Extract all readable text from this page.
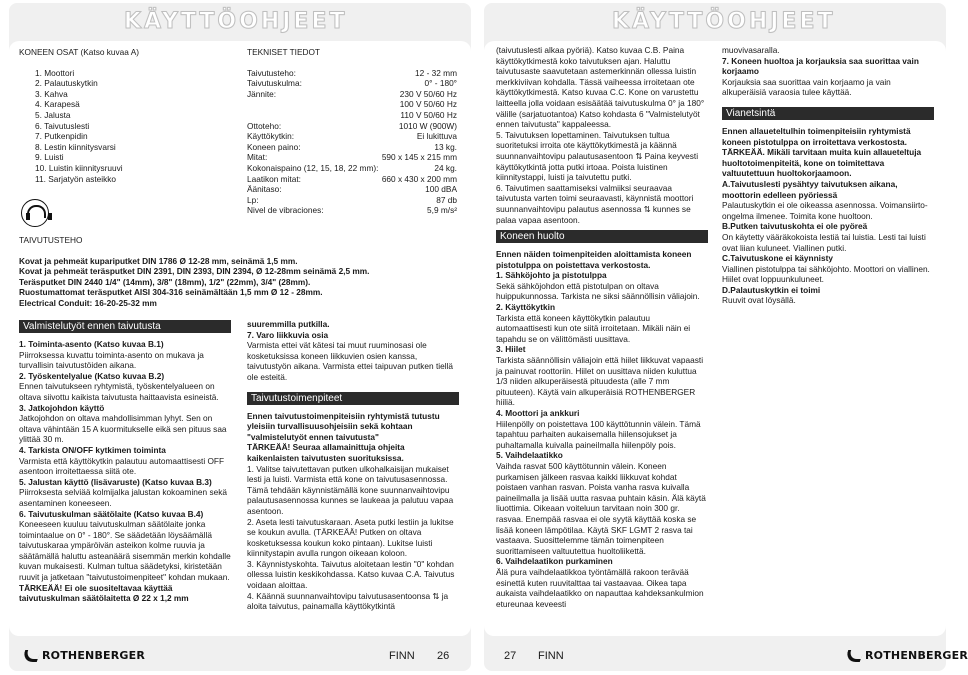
KÄYTTÖOHJEET

KONEEN OSAT (Katso kuvaa A)

1. Moottori
2. Palautuskytkin
3. Kahva
4. Karapesä
5. Jalusta
6. Taivutuslesti
7. Putkenpidin
8. Lestin kiinnitysvarsi
9. Luisti
10. Luistin kiinnitysruuvi
11. Sarjatyön asteikko

TEKNISET TIEDOT

Taivutusteho:	12 - 32 mm
Taivutuskulma:	0° - 180°
Jännite:	230 V 50/60 Hz
100 V 50/60 Hz
110 V 50/60 Hz
Ottoteho:	1010 W (900W)
Käyttökytkin:	Ei lukittuva
Koneen paino:	13 kg.
Mitat:	590 x 145 x 215 mm
Kokonaispaino (12, 15, 18, 22 mm):	24 kg.
Laatikon mitat:	660 x 430 x 200 mm
Äänitaso:	100 dBA
Lp:	87 db
Nivel de vibraciones:	5,9 m/s²

TAIVUTUSTEHO

Kovat ja pehmeät kupariputket DIN 1786 Ø 12-28 mm, seinämä 1,5 mm.

Kovat ja pehmeät teräsputket DIN 2391, DIN 2393, DIN 2394, Ø 12-28mm seinämä 2,5 mm.

Teräsputket DIN 2440 1/4" (14mm), 3/8" (18mm), 1/2" (22mm), 3/4" (28mm).

Ruostumattomat teräsputket AISI 304-316 seinämältään 1,5 mm Ø 12 - 28mm.

Electrical Conduit: 16-20-25-32 mm

Valmistelutyöt ennen taivutusta

1. Toiminta-asento (Katso kuvaa B.1)

Piirroksessa kuvattu toiminta-asento on mukava ja turvallisin taivutustöiden aikana.

2. Työskentelyalue (Katso kuvaa B.2)

Ennen taivutukseen ryhtymistä, työskentelyalueen on oltava siivottu kaikista taivutusta haittaavista esineistä.

3. Jatkojohdon käyttö

Jatkojohdon on oltava mahdollisimman lyhyt. Sen on oltava vähintään 15 A kuormitukselle eikä sen pituus saa ylittää 30 m.

4. Tarkista ON/OFF kytkimen toiminta

Varmista että käyttökytkin palautuu automaattisesti OFF asentoon irroitettaessa siitä ote.

5. Jalustan käyttö (lisävaruste) (Katso kuvaa B.3)

Piirroksesta selviää kolmijalka jalustan kokoaminen sekä asentaminen koneeseen.

6. Taivutuskulman säätölaite (Katso kuvaa B.4)

Koneeseen kuuluu taivutuskulman säätölaite jonka toimintaalue on 0° - 180°. Se säädetään löysäämällä taivutuskaraa ympäröivän asteikon kolme ruuvia ja säätämällä haluttu asteanäärä sisemmän merkin kohdalle kuvan mukaisesti. Kulman tultua säädetyksi, kiristetään ruuvit ja jatketaan "taivutustoimenpiteet" kohdan mukaan.

TÄRKEÄÄ! Ei ole suositeltavaa käyttää taivutuskulman säätölaitetta Ø 22 x 1,2 mm

suuremmilla putkilla.

7. Varo liikkuvia osia

Varmista ettei vät kätesi tai muut ruuminosasi ole kosketuksissa koneen liikkuvien osien kanssa, taivutustyön aikana. Varmista ettei taipuvan putken tiellä ole esteitä.

Taivutustoimenpiteet

Ennen taivutustoimenpiteisiin ryhtymistä tutustu yleisiin turvallisuusohjeisiin sekä kohtaan "valmistelutyöt ennen taivutusta"

TÄRKEÄÄ! Seuraa allamainittuja ohjeita kaikenlaisten taivutusten suorituksissa.

1. Valitse taivutettavan putken ulkohalkaisijan mukaiset lesti ja luisti. Varmista että kone on taivutusasennossa. Tämä tehdään käynnistämällä kone suunnanvaihtovipu palautusasennossa kunnes se laukeaa ja palutuu vapaa asentoon.

2. Aseta lesti taivutuskaraan. Aseta putki lestiin ja lukitse se koukun avulla. (TÄRKEÄÄ! Putken on oltava kosketuksessa koukun koko pintaan). Lukitse luisti kiinnitystapin avulla rungon oikeaan koloon.

3. Käynnistyskohta. Taivutus aloitetaan lestin "0" kohdan ollessa luistin keskikohdassa. Katso kuvaa C.A. Taivutus voidaan aloittaa.

4. Käännä suunnanvaihtovipu taivutusasentoonsa ⇅ ja aloita taivutus, painamalla käyttökytkintä

ROTHENBERGER	FINN 26
KÄYTTÖOHJEET

(taivutuslesti alkaa pyöriä). Katso kuvaa C.B. Paina käyttökytkimestä koko taivutuksen ajan. Haluttu taivutusaste saavutetaan astemerkinnän ollessa luistin merkkiviivan kohdalla. Tässä vaiheessa irroitetaan ote käyttökytkimestä. Katso kuvaa C.C. Kone on varustettu laitteella jolla voidaan esisäätää taivutuskulma 0° ja 180° välille (sarjatuotantoa) Katso kohdasta 6 "Valmistelutyöt ennen taivutusta" kappaleessa.

5. Taivutuksen lopettaminen. Taivutuksen tultua suoritetuksi irroita ote käyttökytkimestä ja käännä suunnanvaihtovipu palautusasentoon ⇅ Paina keyvesti käyttökytkintä jotta putki irtoaa. Poista luistinen kiinnitystappi, luisti ja taivutettu putki.

6. Taivutimen saattamiseksi valmiiksi seuraavaa taivutusta varten toimi seuraavasti, käynnistä moottori suunnanvaihtovipu palautus asennossa ⇅ kunnes se palaa vapaa asentoon.

Koneen huolto

Ennen näiden toimenpiteiden aloittamista koneen pistotulppa on poistettava verkostosta.

1. Sähköjohto ja pistotulppa

Sekä sähköjohdon että pistotulpan on oltava huippukunnossa. Tarkista ne siksi säännöllisin väliajoin.

2. Käyttökytkin

Tarkista että koneen käyttökytkin palautuu automaattisesti kun ote siitä irroitetaan. Mikäli näin ei tapahdu se on välittömästi uusittava.

3. Hiilet

Tarkista säännöllisin väliajoin että hiilet liikkuvat vapaasti ja painuvat roottoriin. Hiilet on uusittava niiden kuluttua 1/3 niiden alkuperäisestä pituudesta (alle 7 mm pituuteen). Käytä vain alkuperäisiä ROTHENBERGER hiiliä.

4. Moottori ja ankkuri

Hiilenpölly on poistettava 100 käyttötunnin välein. Tämä tapahtuu parhaiten aukaisemalla hiilensojukset ja puhaltamalla kuivalla paineilmalla hiilenpöly pois.

5. Vaihdelaatikko

Vaihda rasvat 500 käyttötunnin välein. Koneen purkamisen jälkeen rasvaa kaikki liikkuvat kohdat poistaen vanhan rasvan. Poista vanha rasva kuivalla paineilmalla ja lisää uutta rasvaa puhtain käsin. Älä käytä liuottimia. Oikeaan voiteluun tarvitaan noin 300 gr. rasvaa. Enempää rasvaa ei ole syytä käyttää koska se lisää koneen lämpötilaa. Käytä SKF LGMT 2 rasva tai vastaava. Suosittelemme tämän toimenpiteen suorittamiseen valtuutettua huoltoliikettä.

6. Vaihdelaatikon purkaminen

Älä pura vaihdelaatikkoa työntämällä rakoon terävää esinettä kuten ruuvitalttaa tai vastaavaa. Oikea tapa aukaista vaihdelaatikko on napauttaa kahdeksankulmion etureunaa keveesti

muovivasaralla.

7. Koneen huoltoa ja korjauksia saa suorittaa vain korjaamo

Korjauksia saa suorittaa vain korjaamo ja vain alkuperäisiä varaosia tulee käyttää.

Vianetsintä

Ennen allaueteltulhin toimenpiteisiin ryhtymistä koneen pistotulppa on irroitettava verkostosta. TÄRKEÄÄ. Mikäli tarvitaan muita kuin allaueteltuja huoltotoimenpiteitä, kone on toimitettava valtuutettuun huoltokorjaamoon.

A.Taivutuslesti pysähtyy taivutuksen aikana, moottorin edelleen pyöriessä

Palautuskytkin ei ole oikeassa asennossa. Voimansiirto-ongelma ilmenee. Toimita kone huoltoon.

B.Putken taivutuskohta ei ole pyöreä

On käytetty vääräkokoista lestiä tai luistia. Lesti tai luisti ovat liian kuluneet. Viallinen putki.

C.Taivutuskone ei käynnisty

Viallinen pistotulppa tai sähköjohto. Moottori on viallinen. Hiilet ovat loppuunkuluneet.

D.Palautuskytkin ei toimi

Ruuvit ovat löysällä.

27 FINN	ROTHENBERGER
